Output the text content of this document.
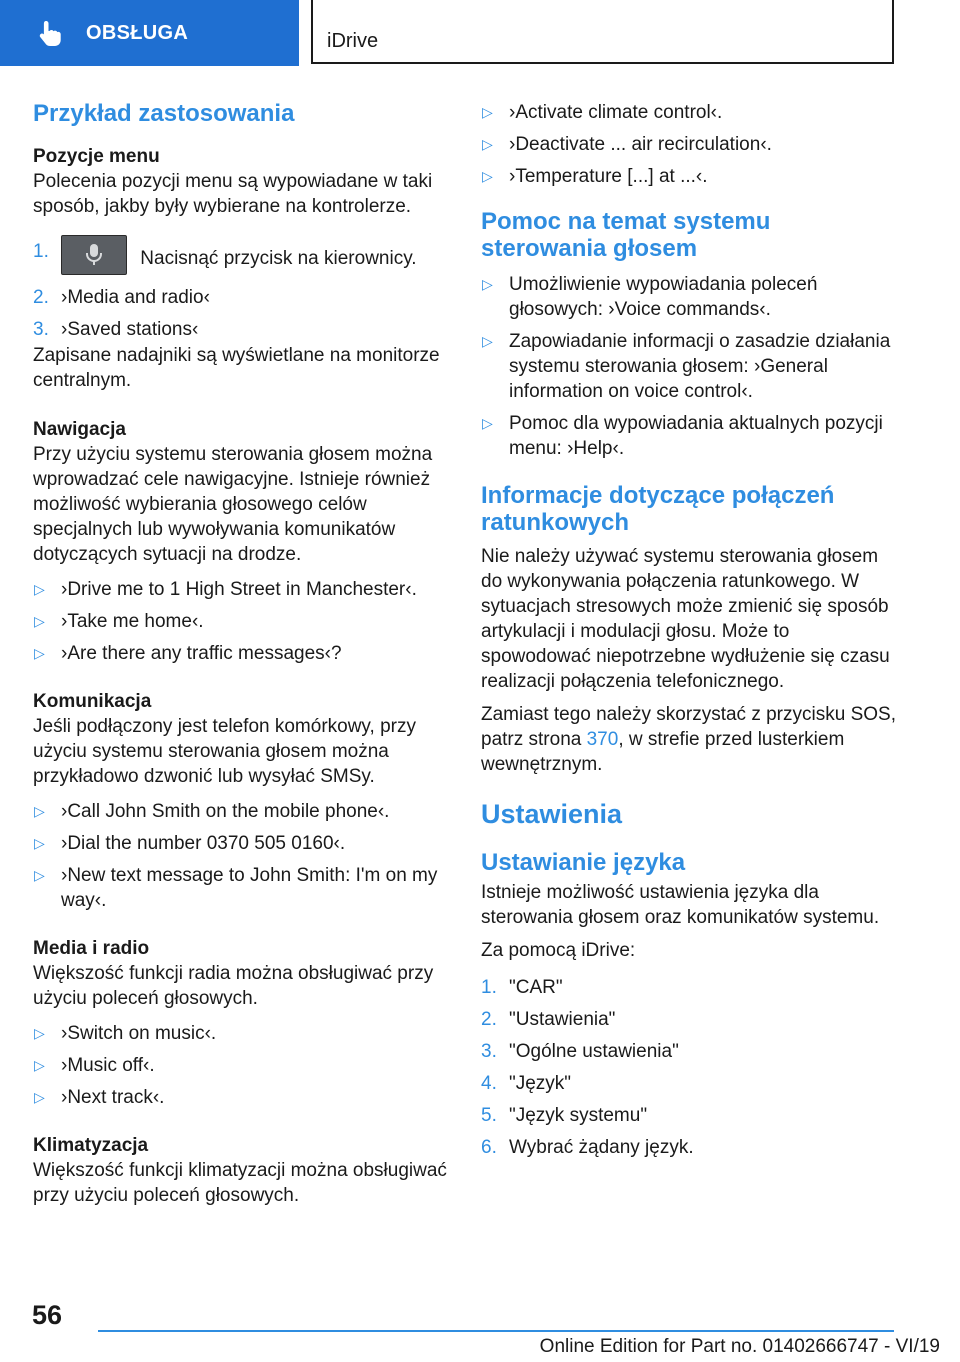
OBSŁUGA	iDrive
Przykład zastosowania
Pozycje menu

Polecenia pozycji menu są wypowiadane w taki sposób, jakby były wybierane na kontrolerze.

1.	Nacisnąć przycisk na kierownicy.
2. ›Media and radio‹
3. ›Saved stations‹

Zapisane nadajniki są wyświetlane na monitorze centralnym.

Nawigacja

Przy użyciu systemu sterowania głosem można wprowadzać cele nawigacyjne. Istnieje również możliwość wybierania głosowego celów specjalnych lub wywoływania komunikatów dotyczących sytuacji na drodze.

▷ ›Drive me to 1 High Street in Manchester‹.
▷ ›Take me home‹.
▷ ›Are there any traffic messages‹?
Komunikacja

Jeśli podłączony jest telefon komórkowy, przy użyciu systemu sterowania głosem można przykładowo dzwonić lub wysyłać SMSy.

▷ ›Call John Smith on the mobile phone‹.
▷ ›Dial the number 0370 505 0160‹.
▷ ›New text message to John Smith: I'm on my way‹.
Media i radio

Większość funkcji radia można obsługiwać przy użyciu poleceń głosowych.

▷ ›Switch on music‹.
▷ ›Music off‹.
▷ ›Next track‹.
Klimatyzacja

Większość funkcji klimatyzacji można obsługiwać przy użyciu poleceń głosowych.

▷ ›Activate climate control‹.
▷ ›Deactivate ... air recirculation‹.
▷ ›Temperature [...] at ...‹.
Pomoc na temat systemu sterowania głosem
▷ Umożliwienie wypowiadania poleceń głosowych: ›Voice commands‹.
▷ Zapowiadanie informacji o zasadzie działania systemu sterowania głosem: ›General information on voice control‹.
▷ Pomoc dla wypowiadania aktualnych pozycji menu: ›Help‹.
Informacje dotyczące połączeń ratunkowych

Nie należy używać systemu sterowania głosem do wykonywania połączenia ratunkowego. W sytuacjach stresowych może zmienić się sposób artykulacji i modulacji głosu. Może to spowodować niepotrzebne wydłużenie się czasu realizacji połączenia telefonicznego.

Zamiast tego należy skorzystać z przycisku SOS, patrz strona 370, w strefie przed lusterkiem wewnętrznym.

Ustawienia
Ustawianie języka

Istnieje możliwość ustawienia języka dla sterowania głosem oraz komunikatów systemu.

Za pomocą iDrive:

1. "CAR"
2. "Ustawienia"
3. "Ogólne ustawienia"
4. "Język"
5. "Język systemu"
6. Wybrać żądany język.
56
Online Edition for Part no. 01402666747 - VI/19
